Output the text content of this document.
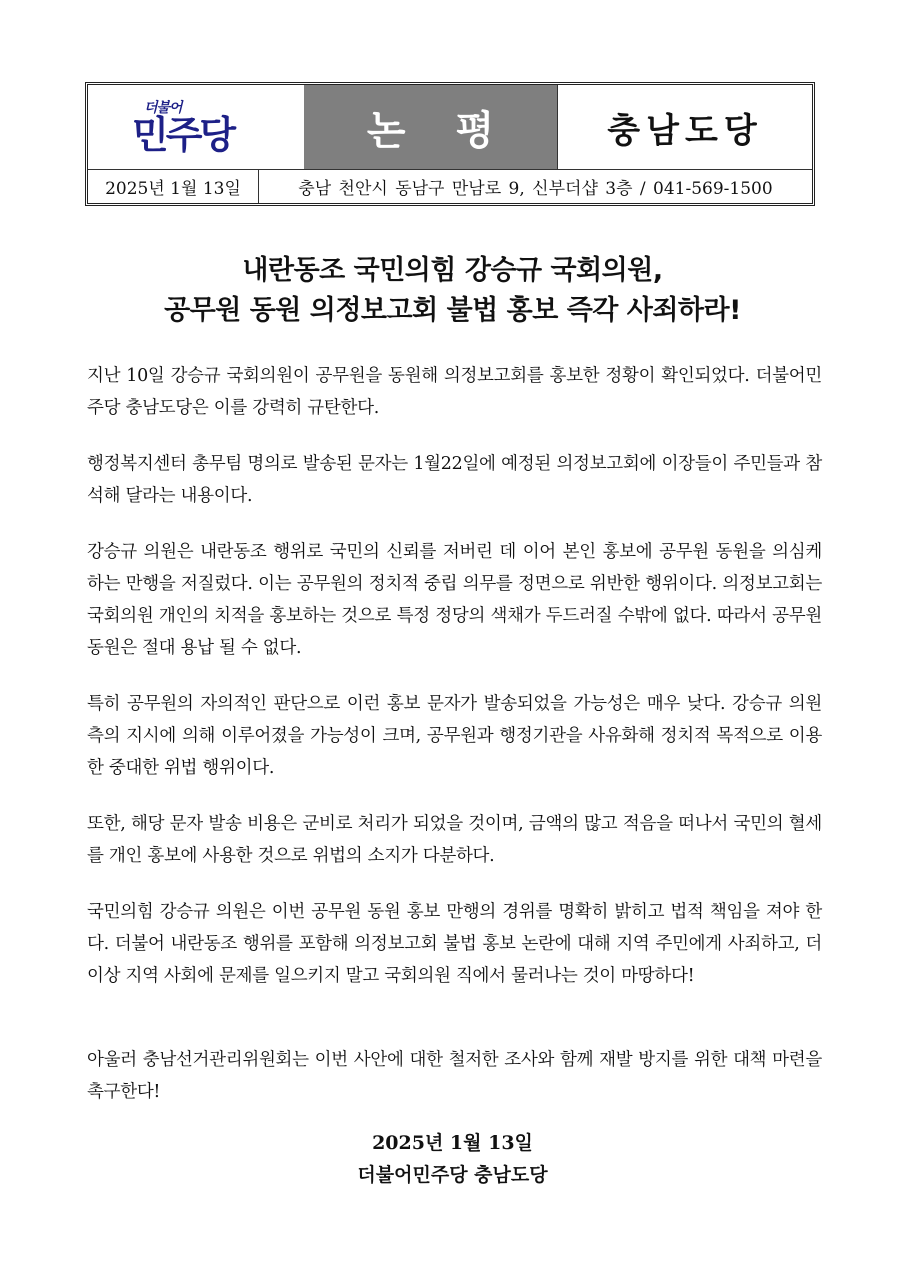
더불어
민주당	논 평	충남도당
2025년 1월 13일	충남 천안시 동남구 만남로 9, 신부더샵 3층 / 041-569-1500
내란동조 국민의힘 강승규 국회의원,
공무원 동원 의정보고회 불법 홍보 즉각 사죄하라!
지난 10일 강승규 국회의원이 공무원을 동원해 의정보고회를 홍보한 정황이 확인되었다. 더불어민주당 충남도당은 이를 강력히 규탄한다.
행정복지센터 총무팀 명의로 발송된 문자는 1월22일에 예정된 의정보고회에 이장들이 주민들과 참석해 달라는 내용이다.
강승규 의원은 내란동조 행위로 국민의 신뢰를 저버린 데 이어 본인 홍보에 공무원 동원을 의심케 하는 만행을 저질렀다. 이는 공무원의 정치적 중립 의무를 정면으로 위반한 행위이다. 의정보고회는 국회의원 개인의 치적을 홍보하는 것으로 특정 정당의 색채가 두드러질 수밖에 없다. 따라서 공무원 동원은 절대 용납 될 수 없다.
특히 공무원의 자의적인 판단으로 이런 홍보 문자가 발송되었을 가능성은 매우 낮다. 강승규 의원 측의 지시에 의해 이루어졌을 가능성이 크며, 공무원과 행정기관을 사유화해 정치적 목적으로 이용한 중대한 위법 행위이다.
또한, 해당 문자 발송 비용은 군비로 처리가 되었을 것이며, 금액의 많고 적음을 떠나서 국민의 혈세를 개인 홍보에 사용한 것으로 위법의 소지가 다분하다.
국민의힘 강승규 의원은 이번 공무원 동원 홍보 만행의 경위를 명확히 밝히고 법적 책임을 져야 한다. 더불어 내란동조 행위를 포함해 의정보고회 불법 홍보 논란에 대해 지역 주민에게 사죄하고, 더 이상 지역 사회에 문제를 일으키지 말고 국회의원 직에서 물러나는 것이 마땅하다!
아울러 충남선거관리위원회는 이번 사안에 대한 철저한 조사와 함께 재발 방지를 위한 대책 마련을 촉구한다!
2025년 1월 13일
더불어민주당 충남도당
